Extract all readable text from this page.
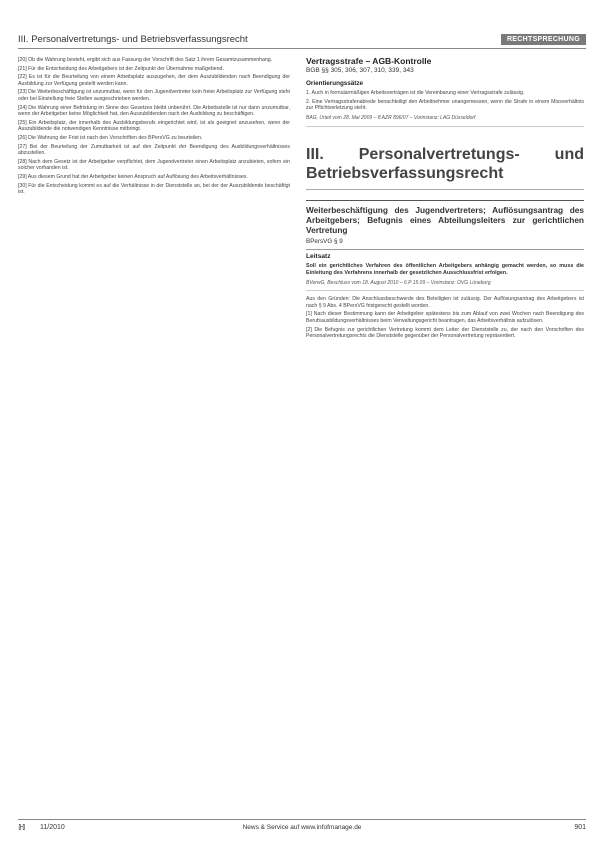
III. Personalvertretungs- und Betriebsverfassungsrecht	RECHTSPRECHUNG

[20] Ob die Wahrung besteht, ergibt sich aus Fassung der Vorschrift des Satz 1 ihrem Gesamtzusammenhang.

[21] Für die Entscheidung des Arbeitgebers ist der Zeitpunkt der Übernahme maßgebend.

[22] Es ist für die Beurteilung von einem Arbeitsplatz auszugehen, der dem Auszubildenden nach Beendigung der Ausbildung zur Verfügung gestellt werden kann.

[23] Die Weiterbeschäftigung ist unzumutbar, wenn für den Jugendvertreter kein freier Arbeitsplatz zur Verfügung steht oder bei Einstellung freie Stellen ausgeschrieben werden.

[24] Die Wahrung einer Befristung im Sinne des Gesetzes bleibt unberührt. Die Arbeitsstelle ist nur dann unzumutbar, wenn der Arbeitgeber keine Möglichkeit hat, den Auszubildenden nach der Ausbildung zu beschäftigen.

[25] Ein Arbeitsplatz, der innerhalb des Ausbildungsberufs eingerichtet wird, ist als geeignet anzusehen, wenn der Auszubildende die notwendigen Kenntnisse mitbringt.

[26] Die Wahrung der Frist ist nach den Vorschriften des BPersVG zu beurteilen.

[27] Bei der Beurteilung der Zumutbarkeit ist auf den Zeitpunkt der Beendigung des Ausbildungsverhältnisses abzustellen.

[28] Nach dem Gesetz ist der Arbeitgeber verpflichtet, dem Jugendvertreter einen Arbeitsplatz anzubieten, sofern ein solcher vorhanden ist.

[29] Aus diesem Grund hat der Arbeitgeber keinen Anspruch auf Auflösung des Arbeitsverhältnisses.

[30] Für die Entscheidung kommt es auf die Verhältnisse in der Dienststelle an, bei der der Auszubildende beschäftigt ist.

Vertragsstrafe – AGB-Kontrolle
BGB §§ 305, 306, 307, 310, 339, 343
Orientierungssätze

1. Auch in formularmäßigen Arbeitsverträgen ist die Vereinbarung einer Vertragsstrafe zulässig.

2. Eine Vertragsstrafenabrede benachteiligt den Arbeitnehmer unangemessen, wenn die Strafe in einem Missverhältnis zur Pflichtverletzung steht.

BAG, Urteil vom 28. Mai 2009 – 8 AZR 896/07 – Vorinstanz: LAG Düsseldorf
III. Personalvertretungs- und Betriebsverfassungsrecht
Weiterbeschäftigung des Jugendvertreters; Auflösungsantrag des Arbeitgebers; Befugnis eines Abteilungsleiters zur gerichtlichen Vertretung
BPersVG § 9
Leitsatz
Soll ein gerichtliches Verfahren des öffentlichen Arbeitgebers anhängig gemacht werden, so muss die Einleitung des Verfahrens innerhalb der gesetzlichen Ausschlussfrist erfolgen.
BVerwG, Beschluss vom 18. August 2010 – 6 P 15.09 – Vorinstanz: OVG Lüneburg

Aus den Gründen: Die Anschlussbeschwerde des Beteiligten ist zulässig. Der Auflösungsantrag des Arbeitgebers ist nach § 9 Abs. 4 BPersVG fristgerecht gestellt worden.

[1] Nach dieser Bestimmung kann der Arbeitgeber spätestens bis zum Ablauf von zwei Wochen nach Beendigung des Berufsausbildungsverhältnisses beim Verwaltungsgericht beantragen, das Arbeitsverhältnis aufzulösen.

[2] Die Befugnis zur gerichtlichen Vertretung kommt dem Leiter der Dienststelle zu, der nach den Vorschriften des Personalvertretungsrechts die Dienststelle gegenüber der Personalvertretung repräsentiert.

ℍ 11/2010	News & Service auf www.infofmanage.de	901
